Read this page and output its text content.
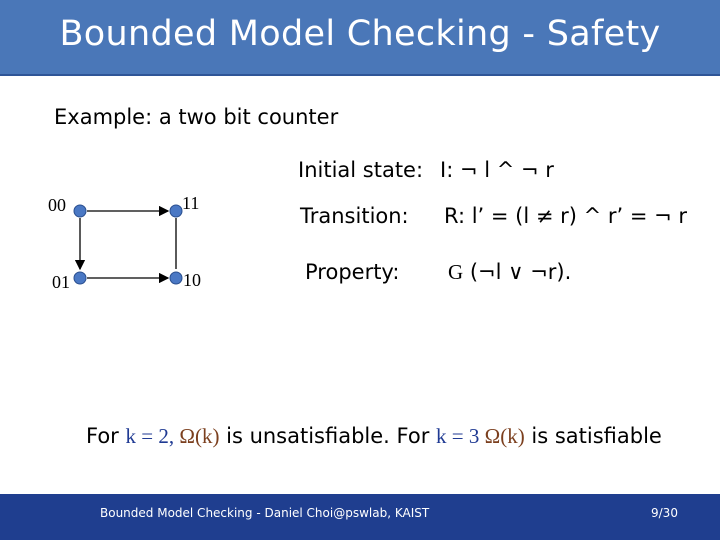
Bounded Model Checking - Safety
Example: a two bit counter
00	11
01	10
Initial state: I: ¬ l ^ ¬ r
Transition: R: l’ = (l ≠ r) ^ r’ = ¬ r
Property: G (¬l ∨ ¬r).
For k = 2, Ω(k) is unsatisfiable. For k = 3 Ω(k) is satisfiable
Bounded Model Checking - Daniel Choi@pswlab, KAIST	9/30
